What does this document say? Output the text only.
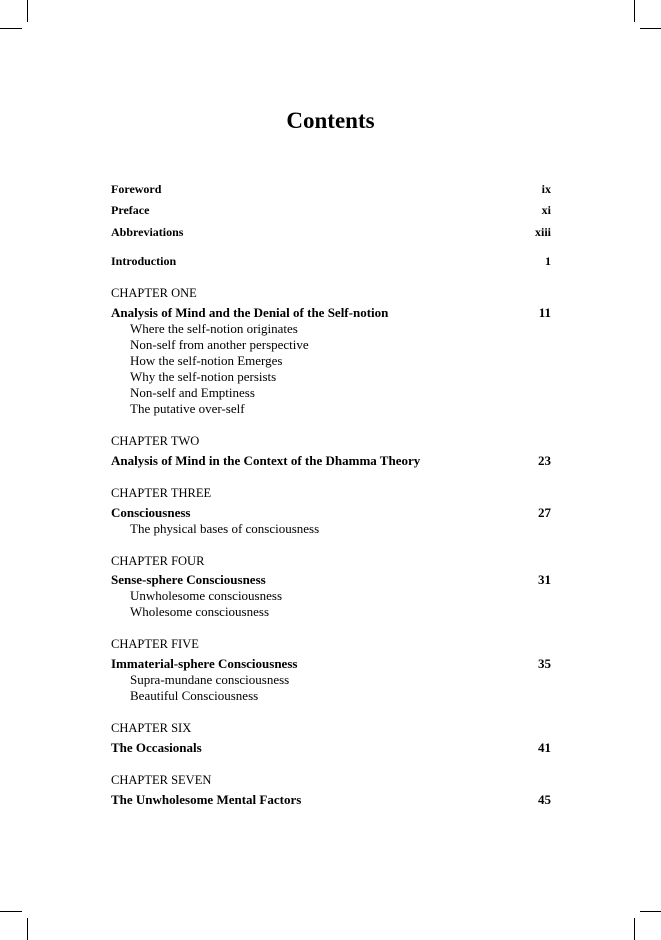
Contents
Foreword	ix
Preface	xi
Abbreviations	xiii
Introduction	1
CHAPTER ONE
Analysis of Mind and the Denial of the Self-notion	11
Where the self-notion originates
Non-self from another perspective
How the self-notion Emerges
Why the self-notion persists
Non-self and Emptiness
The putative over-self
CHAPTER TWO
Analysis of Mind in the Context of the Dhamma Theory	23
CHAPTER THREE
Consciousness	27
The physical bases of consciousness
CHAPTER FOUR
Sense-sphere Consciousness	31
Unwholesome consciousness
Wholesome consciousness
CHAPTER FIVE
Immaterial-sphere Consciousness	35
Supra-mundane consciousness
Beautiful Consciousness
CHAPTER SIX
The Occasionals	41
CHAPTER SEVEN
The Unwholesome Mental Factors	45
